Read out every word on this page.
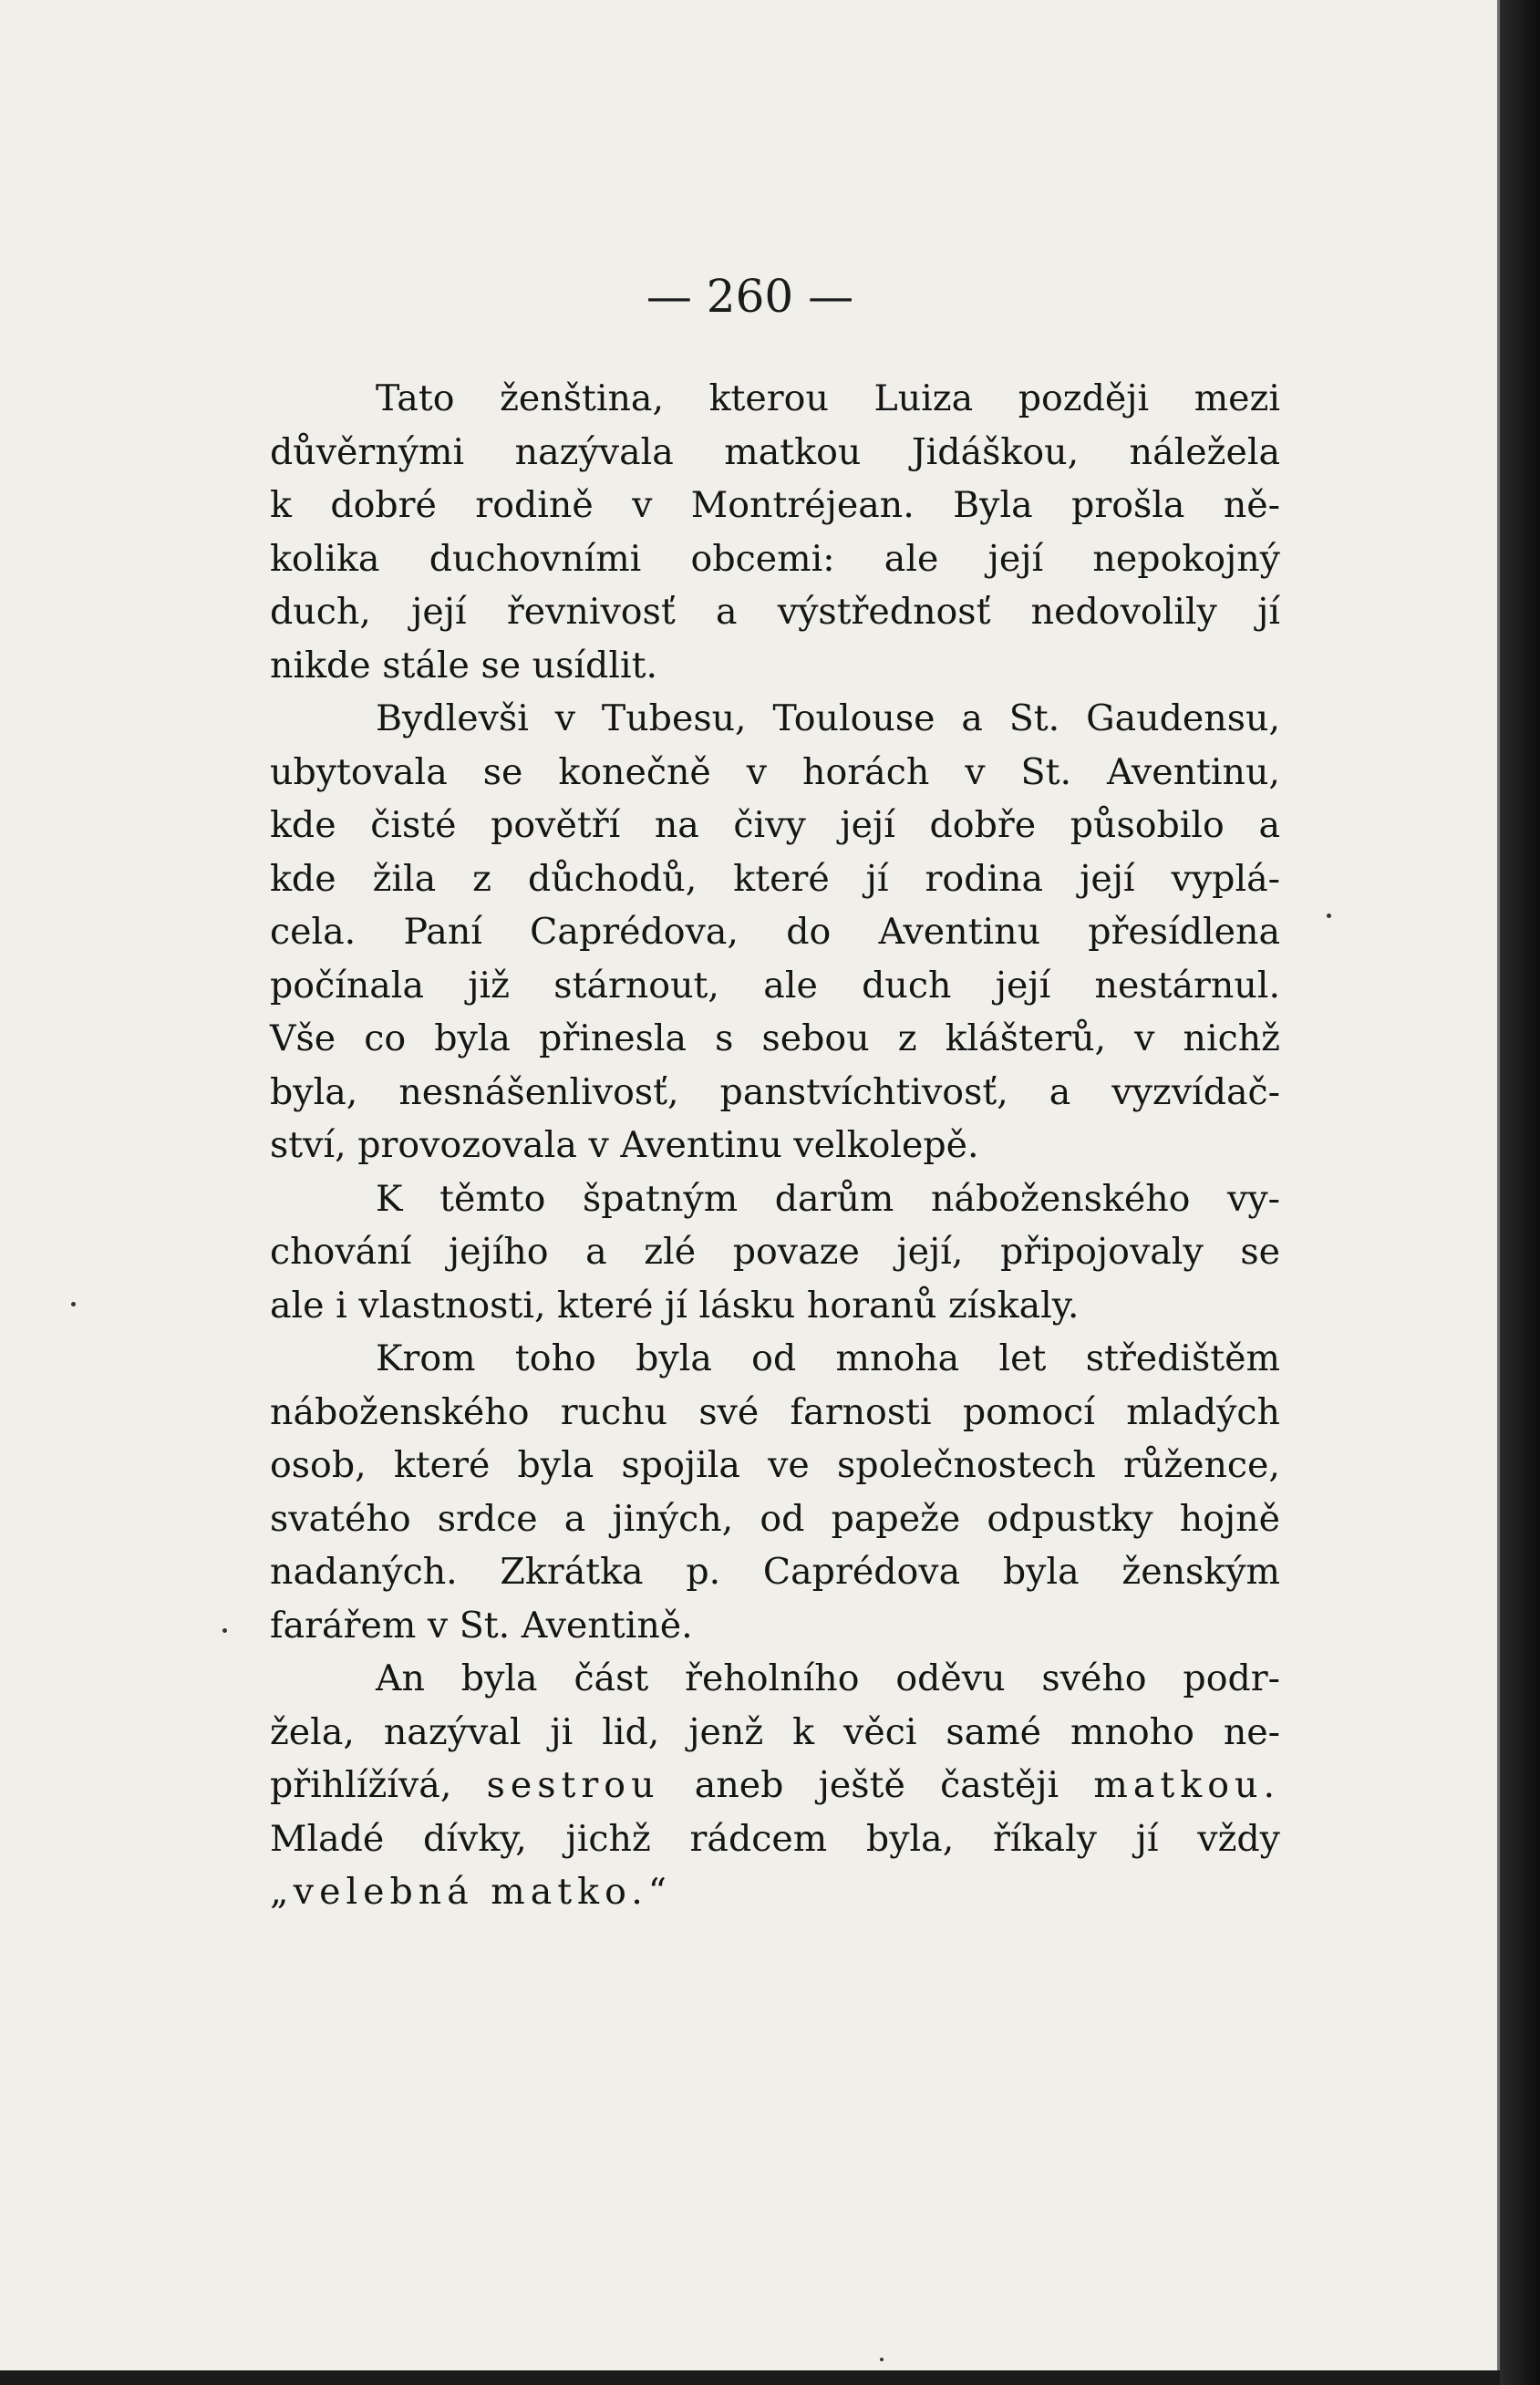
— 260 —
Tato ženština, kterou Luiza později mezi
důvěrnými nazývala matkou Jidáškou, náležela
k dobré rodině v Montréjean. Byla prošla ně-
kolika duchovními obcemi: ale její nepokojný
duch, její řevnivosť a výstřednosť nedovolily jí
nikde stále se usídlit.
Bydlevši v Tubesu, Toulouse a St. Gaudensu,
ubytovala se konečně v horách v St. Aventinu,
kde čisté povětří na čivy její dobře působilo a
kde žila z důchodů, které jí rodina její vyplá-
cela. Paní Caprédova, do Aventinu přesídlena
počínala již stárnout, ale duch její nestárnul.
Vše co byla přinesla s sebou z klášterů, v nichž
byla, nesnášenlivosť, panstvíchtivosť, a vyzvídač-
ství, provozovala v Aventinu velkolepě.
K těmto špatným darům náboženského vy-
chování jejího a zlé povaze její, připojovaly se
ale i vlastnosti, které jí lásku horanů získaly.
Krom toho byla od mnoha let středištěm
náboženského ruchu své farnosti pomocí mladých
osob, které byla spojila ve společnostech růžence,
svatého srdce a jiných, od papeže odpustky hojně
nadaných. Zkrátka p. Caprédova byla ženským
farářem v St. Aventině.
An byla část řeholního oděvu svého podr-
žela, nazýval ji lid, jenž k věci samé mnoho ne-
přihlížívá, sestrou aneb ještě častěji matkou.
Mladé dívky, jichž rádcem byla, říkaly jí vždy
„velebná matko.“
